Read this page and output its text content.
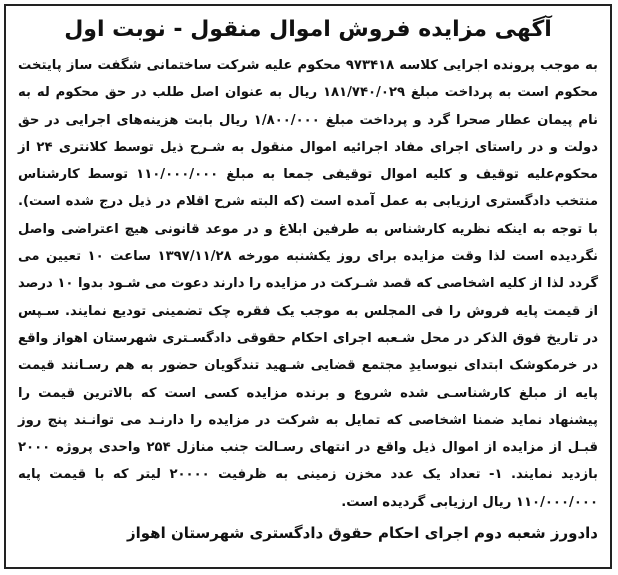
آگهی مزایده فروش اموال منقول - نوبت اول

به موجب پرونده اجرایی کلاسه ۹۷۳۴۱۸ محکوم علیه شرکت ساختمانی شگفت ساز پایتخت محکوم است به پرداخت مبلغ ۱۸۱/۷۴۰/۰۲۹ ریال به عنوان اصل طلب در حق محکوم له به نام پیمان عطار صحرا گرد و پرداخت مبلغ ۱/۸۰۰/۰۰۰ ریال بابت هزینه‌های اجرایی در حق دولت و در راستای اجرای مفاد اجرائیه اموال منقول به شـرح ذیل توسط کلانتری ۲۴ از محکوم‌علیه توقیف و کلیه اموال توقیفی جمعا به مبلغ ۱۱۰/۰۰۰/۰۰۰ توسط کارشناس منتخب دادگستری ارزیابی به عمل آمده است (که البته شرح اقلام در ذیل درج شده است). با توجه به اینکه نظریه کارشناس به طرفین ابلاغ و در موعد قانونی هیچ اعتراضی واصل نگردیده است لذا وقت مزایده برای روز یکشنبه مورخه ۱۳۹۷/۱۱/۲۸ ساعت ۱۰ تعیین می گردد لذا از کلیه اشخاصی که قصد شـرکت در مزایده را دارند دعوت می شـود بدوا ۱۰ درصد از قیمت پایه فروش را فی المجلس به موجب یک فقره چک تضمینی تودیع نمایند. سـپس در تاریخ فوق الذکر در محل شـعبه اجرای احکام حقوقی دادگسـتری شهرستان اهواز واقع در خرمکوشک ابتدای نیوسایدِ مجتمع قضایی شـهید تندگویان حضور به هم رسـانند قیمت پایه از مبلغ کارشناسـی شده شروع و برنده مزایده کسی است که بالاترین قیمت را پیشنهاد نماید ضمنا اشخاصی که تمایل به شرکت در مزایده را دارنـد می توانـند پنج روز قبـل از مزایده از اموال ذیل واقع در انتهای رسـالت جنب منازل ۲۵۴ واحدی پروژه ۲۰۰۰ بازدید نمایند. ۱- تعداد یک عدد مخزن زمینی به ظرفیت ۲۰۰۰۰ لیتر که با قیمت پایه ۱۱۰/۰۰۰/۰۰۰ ریال ارزیابی گردیده است.

دادورز شعبه دوم اجرای احکام حقوق دادگستری شهرستان اهواز
